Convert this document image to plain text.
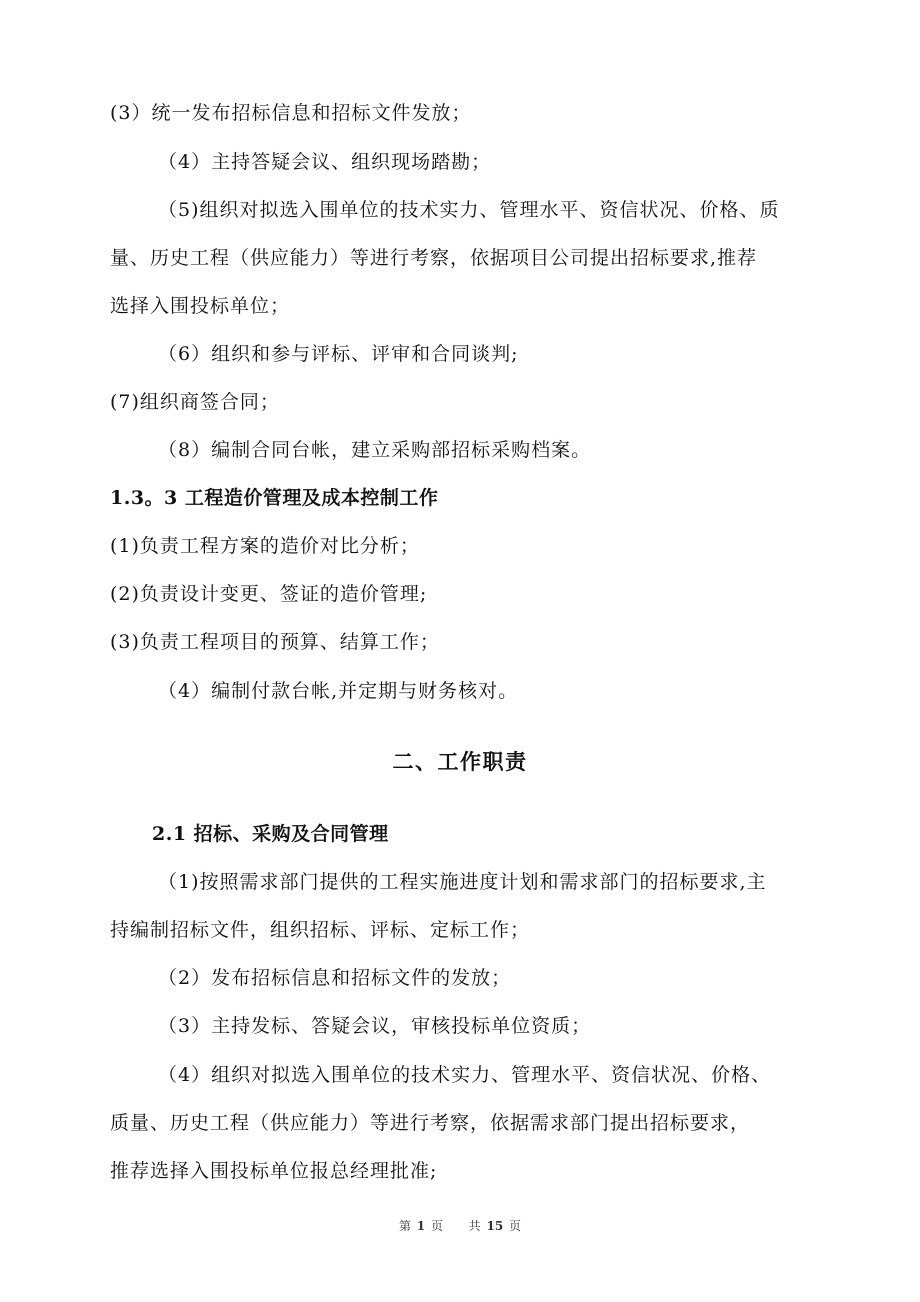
(3）统一发布招标信息和招标文件发放；
（4）主持答疑会议、组织现场踏勘；
（5)组织对拟选入围单位的技术实力、管理水平、资信状况、价格、质
量、历史工程（供应能力）等进行考察，依据项目公司提出招标要求,推荐
选择入围投标单位；
（6）组织和参与评标、评审和合同谈判;
(7)组织商签合同；
（8）编制合同台帐，建立采购部招标采购档案。
1.3。3 工程造价管理及成本控制工作
(1)负责工程方案的造价对比分析；
(2)负责设计变更、签证的造价管理;
(3)负责工程项目的预算、结算工作；
（4）编制付款台帐,并定期与财务核对。
二、工作职责
2.1 招标、采购及合同管理
（1)按照需求部门提供的工程实施进度计划和需求部门的招标要求,主
持编制招标文件，组织招标、评标、定标工作；
（2）发布招标信息和招标文件的发放；
（3）主持发标、答疑会议，审核投标单位资质；
（4）组织对拟选入围单位的技术实力、管理水平、资信状况、价格、
质量、历史工程（供应能力）等进行考察，依据需求部门提出招标要求，
推荐选择入围投标单位报总经理批准;
第 1 页 共 15 页
